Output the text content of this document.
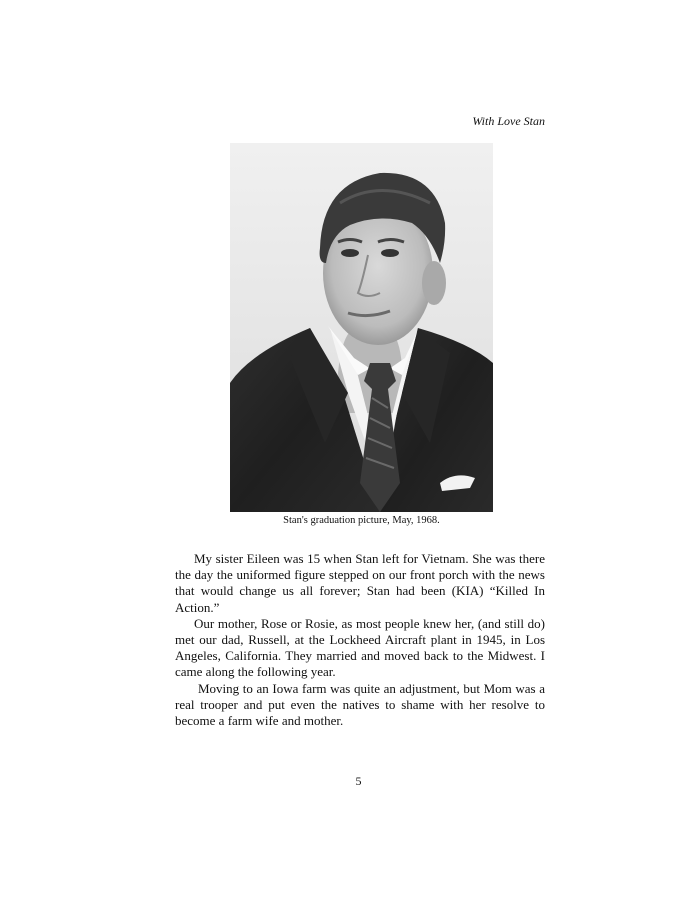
With Love Stan
Stan's graduation picture, May, 1968.

My sister Eileen was 15 when Stan left for Vietnam. She was there the day the uniformed figure stepped on our front porch with the news that would change us all forever; Stan had been (KIA) “Killed In Action.”

Our mother, Rose or Rosie, as most people knew her, (and still do) met our dad, Russell, at the Lockheed Aircraft plant in 1945, in Los Angeles, California. They married and moved back to the Midwest. I came along the following year.

Moving to an Iowa farm was quite an adjustment, but Mom was a real trooper and put even the natives to shame with her resolve to become a farm wife and mother.

5
